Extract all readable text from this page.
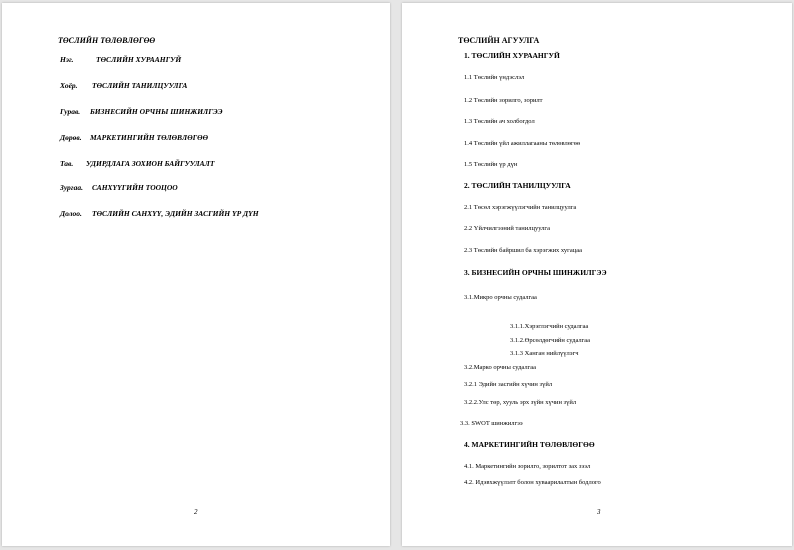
ТӨСЛИЙН ТӨЛӨВЛӨГӨӨ
Нэг.	ТӨСЛИЙН ХУРААНГУЙ
Хоёр. ТӨСЛИЙН ТАНИЛЦУУЛГА
Гурав. БИЗНЕСИЙН ОРЧНЫ ШИНЖИЛГЭЭ
Дөрөв. МАРКЕТИНГИЙН ТӨЛӨВЛӨГӨӨ
Тав. УДИРДЛАГА ЗОХИОН БАЙГУУЛАЛТ
Зургаа. САНХҮҮГИЙН ТООЦОО
Долоо. ТӨСЛИЙН САНХҮҮ, ЭДИЙН ЗАСГИЙН ҮР ДҮН
2
ТӨСЛИЙН АГУУЛГА
1. ТӨСЛИЙН ХУРААНГУЙ
1.1 Төслийн үндэслэл
1.2 Төслийн зорилго, зорилт
1.3 Төслийн ач холбогдол
1.4 Төслийн үйл ажиллагааны төлөвлөгөө
1.5 Төслийн үр дүн
2. ТӨСЛИЙН ТАНИЛЦУУЛГА
2.1 Төсөл хэрэгжүүлэгчийн танилцуулга
2.2 Үйлчилгээний танилцуулга
2.3 Төслийн байршил ба хэрэгжих хугацаа
3. БИЗНЕСИЙН ОРЧНЫ ШИНЖИЛГЭЭ
3.1.Микро орчны судалгаа
3.1.1.Хэрэглэгчийн судалгаа
3.1.2.Өрсөлдөгчийн судалгаа
3.1.3 Ханган нийлүүлэгч
3.2.Марко орчны судалгаа
3.2.1 Эдийн засгийн хүчин зүйл
3.2.2.Улс төр, хууль эрх зүйн хүчин зүйл
3.3. SWOT шинжилгээ
4. МАРКЕТИНГИЙН ТӨЛӨВЛӨГӨӨ
4.1. Маркетингийн зорилго, зорилтот зах зээл
4.2. Идэвхжүүлэлт болон хуваарилалтын бодлого
3
